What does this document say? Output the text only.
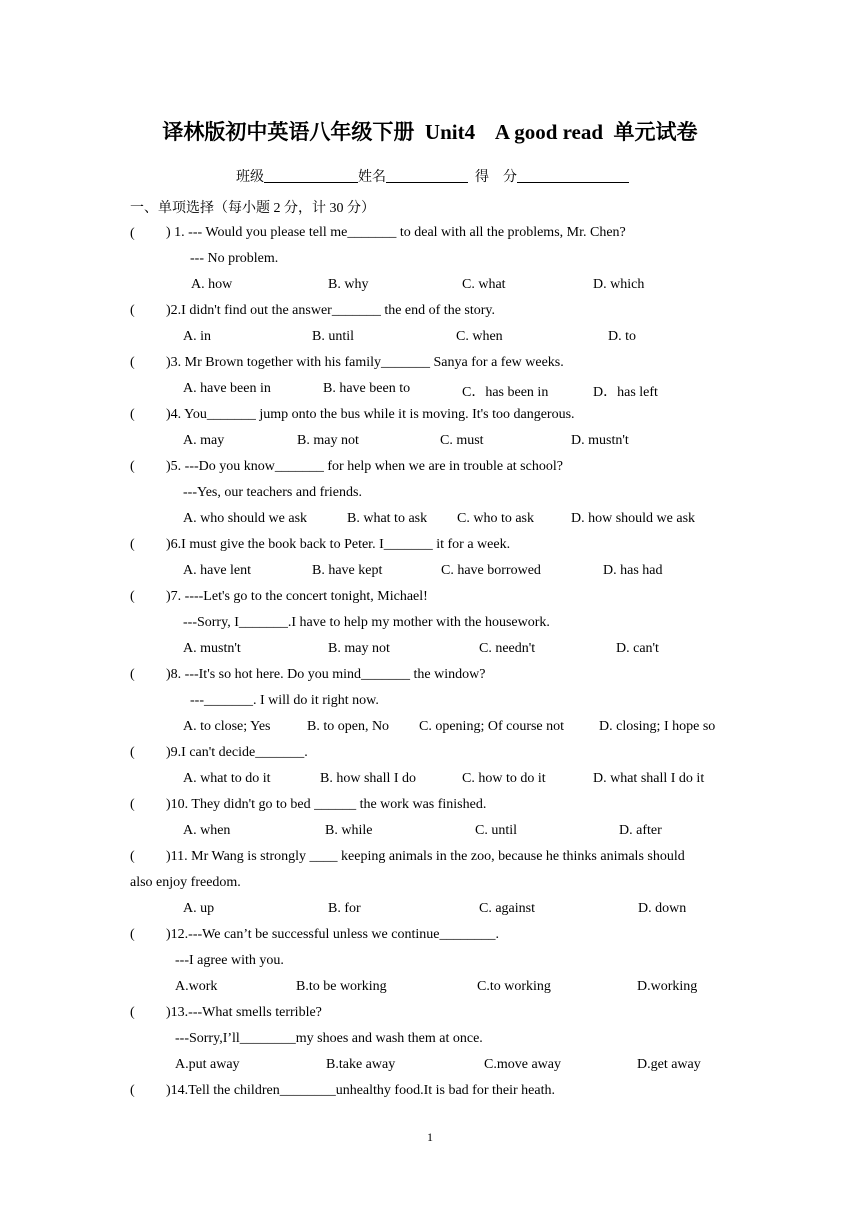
译林版初中英语八年级下册  Unit4    A good read  单元试卷
班级	姓名	得    分
一、单项选择（每小题 2 分，计 30 分）
( ) 1. --- Would you please tell me_______ to deal with all the problems, Mr. Chen?
--- No problem.
A. how	B. why	C. what	D. which
( )2.I didn't find out the answer_______ the end of the story.
A. in	B. until	C. when	D. to
( )3. Mr Brown together with his family_______ Sanya for a few weeks.
A. have been in	B. have been to	C．has been in	D．has left
( )4. You_______ jump onto the bus while it is moving. It's too dangerous.
A. may	B. may not	C. must	D. mustn't
( )5. ---Do you know_______ for help when we are in trouble at school?
---Yes, our teachers and friends.
A. who should we ask	B. what to ask C. who to ask	D. how should we ask
( )6.I must give the book back to Peter. I_______ it for a week.
A. have lent	B. have kept	C. have borrowed	D. has had
( )7. ----Let's go to the concert tonight, Michael!
---Sorry, I_______.I have to help my mother with the housework.
A. mustn't	B. may not	C. needn't	D. can't
( )8. ---It's so hot here. Do you mind_______ the window?
---_______. I will do it right now.
A. to close; Yes	B. to open, No C. opening; Of course not D. closing; I hope so
( )9.I can't decide_______.
A. what to do it	B. how shall I do	C. how to do it	D. what shall I do it
( )10. They didn't go to bed ______ the work was finished.
A. when	B. while	C. until	D. after
( )11. Mr Wang is strongly ____ keeping animals in the zoo, because he thinks animals should
also enjoy freedom.
A. up	B. for	C. against	D. down
( )12.---We can’t be successful unless we continue________.
---I agree with you.
A.work	B.to be working	C.to working	D.working
( )13.---What smells terrible?
---Sorry,I’ll________my shoes and wash them at once.
A.put away	B.take away	C.move away	D.get away
( )14.Tell the children________unhealthy food.It is bad for their heath.
1
